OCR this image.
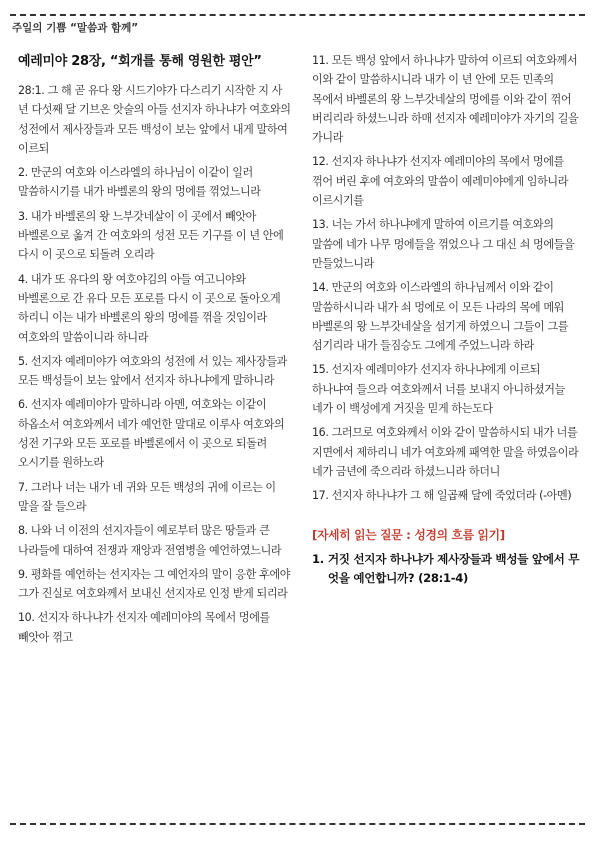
주일의 기쁨 “말씀과 함께”
예레미야 28장, “회개를 통해 영원한 평안”

28:1. 그 해 곧 유다 왕 시드기야가 다스리기 시작한 지 사 년 다섯째 달 기브온 앗술의 아들 선지자 하나냐가 여호와의 성전에서 제사장들과 모든 백성이 보는 앞에서 내게 말하여 이르되

2. 만군의 여호와 이스라엘의 하나님이 이같이 일러 말씀하시기를 내가 바벨론의 왕의 멍에를 꺾었느니라

3. 내가 바벨론의 왕 느부갓네살이 이 곳에서 빼앗아 바벨론으로 옮겨 간 여호와의 성전 모든 기구를 이 년 안에 다시 이 곳으로 되돌려 오리라

4. 내가 또 유다의 왕 여호야김의 아들 여고니야와 바벨론으로 간 유다 모든 포로를 다시 이 곳으로 돌아오게 하리니 이는 내가 바벨론의 왕의 멍에를 꺾을 것임이라 여호와의 말씀이니라 하니라

5. 선지자 예레미야가 여호와의 성전에 서 있는 제사장들과 모든 백성들이 보는 앞에서 선지자 하나냐에게 말하니라

6. 선지자 예레미야가 말하니라 아멘, 여호와는 이같이 하옵소서 여호와께서 네가 예언한 말대로 이루사 여호와의 성전 기구와 모든 포로를 바벨론에서 이 곳으로 되돌려 오시기를 원하노라

7. 그러나 너는 내가 네 귀와 모든 백성의 귀에 이르는 이 말을 잘 들으라

8. 나와 너 이전의 선지자들이 예로부터 많은 땅들과 큰 나라들에 대하여 전쟁과 재앙과 전염병을 예언하였느니라

9. 평화를 예언하는 선지자는 그 예언자의 말이 응한 후에야 그가 진실로 여호와께서 보내신 선지자로 인정 받게 되리라

10. 선지자 하나냐가 선지자 예레미야의 목에서 멍에를 빼앗아 꺾고

11. 모든 백성 앞에서 하나냐가 말하여 이르되 여호와께서 이와 같이 말씀하시니라 내가 이 년 안에 모든 민족의 목에서 바벨론의 왕 느부갓네살의 멍에를 이와 같이 꺾어 버리리라 하셨느니라 하매 선지자 예레미야가 자기의 길을 가니라

12. 선지자 하나냐가 선지자 예레미야의 목에서 멍에를 꺾어 버린 후에 여호와의 말씀이 예레미야에게 임하니라 이르시기를

13. 너는 가서 하나냐에게 말하여 이르기를 여호와의 말씀에 네가 나무 멍에들을 꺾었으나 그 대신 쇠 멍에들을 만들었느니라

14. 만군의 여호와 이스라엘의 하나님께서 이와 같이 말씀하시니라 내가 쇠 멍에로 이 모든 나라의 목에 메워 바벨론의 왕 느부갓네살을 섬기게 하였으니 그들이 그를 섬기리라 내가 들짐승도 그에게 주었느니라 하라

15. 선지자 예레미야가 선지자 하나냐에게 이르되 하나냐여 들으라 여호와께서 너를 보내지 아니하셨거늘 네가 이 백성에게 거짓을 믿게 하는도다

16. 그러므로 여호와께서 이와 같이 말씀하시되 내가 너를 지면에서 제하리니 네가 여호와께 패역한 말을 하였음이라 네가 금년에 죽으리라 하셨느니라 하더니

17. 선지자 하나냐가 그 해 일곱째 달에 죽었더라 (-아멘)

[자세히 읽는 질문 : 성경의 흐름 읽기]
1. 거짓 선지자 하나냐가 제사장들과 백성들 앞에서 무엇을 예언합니까? (28:1-4)
